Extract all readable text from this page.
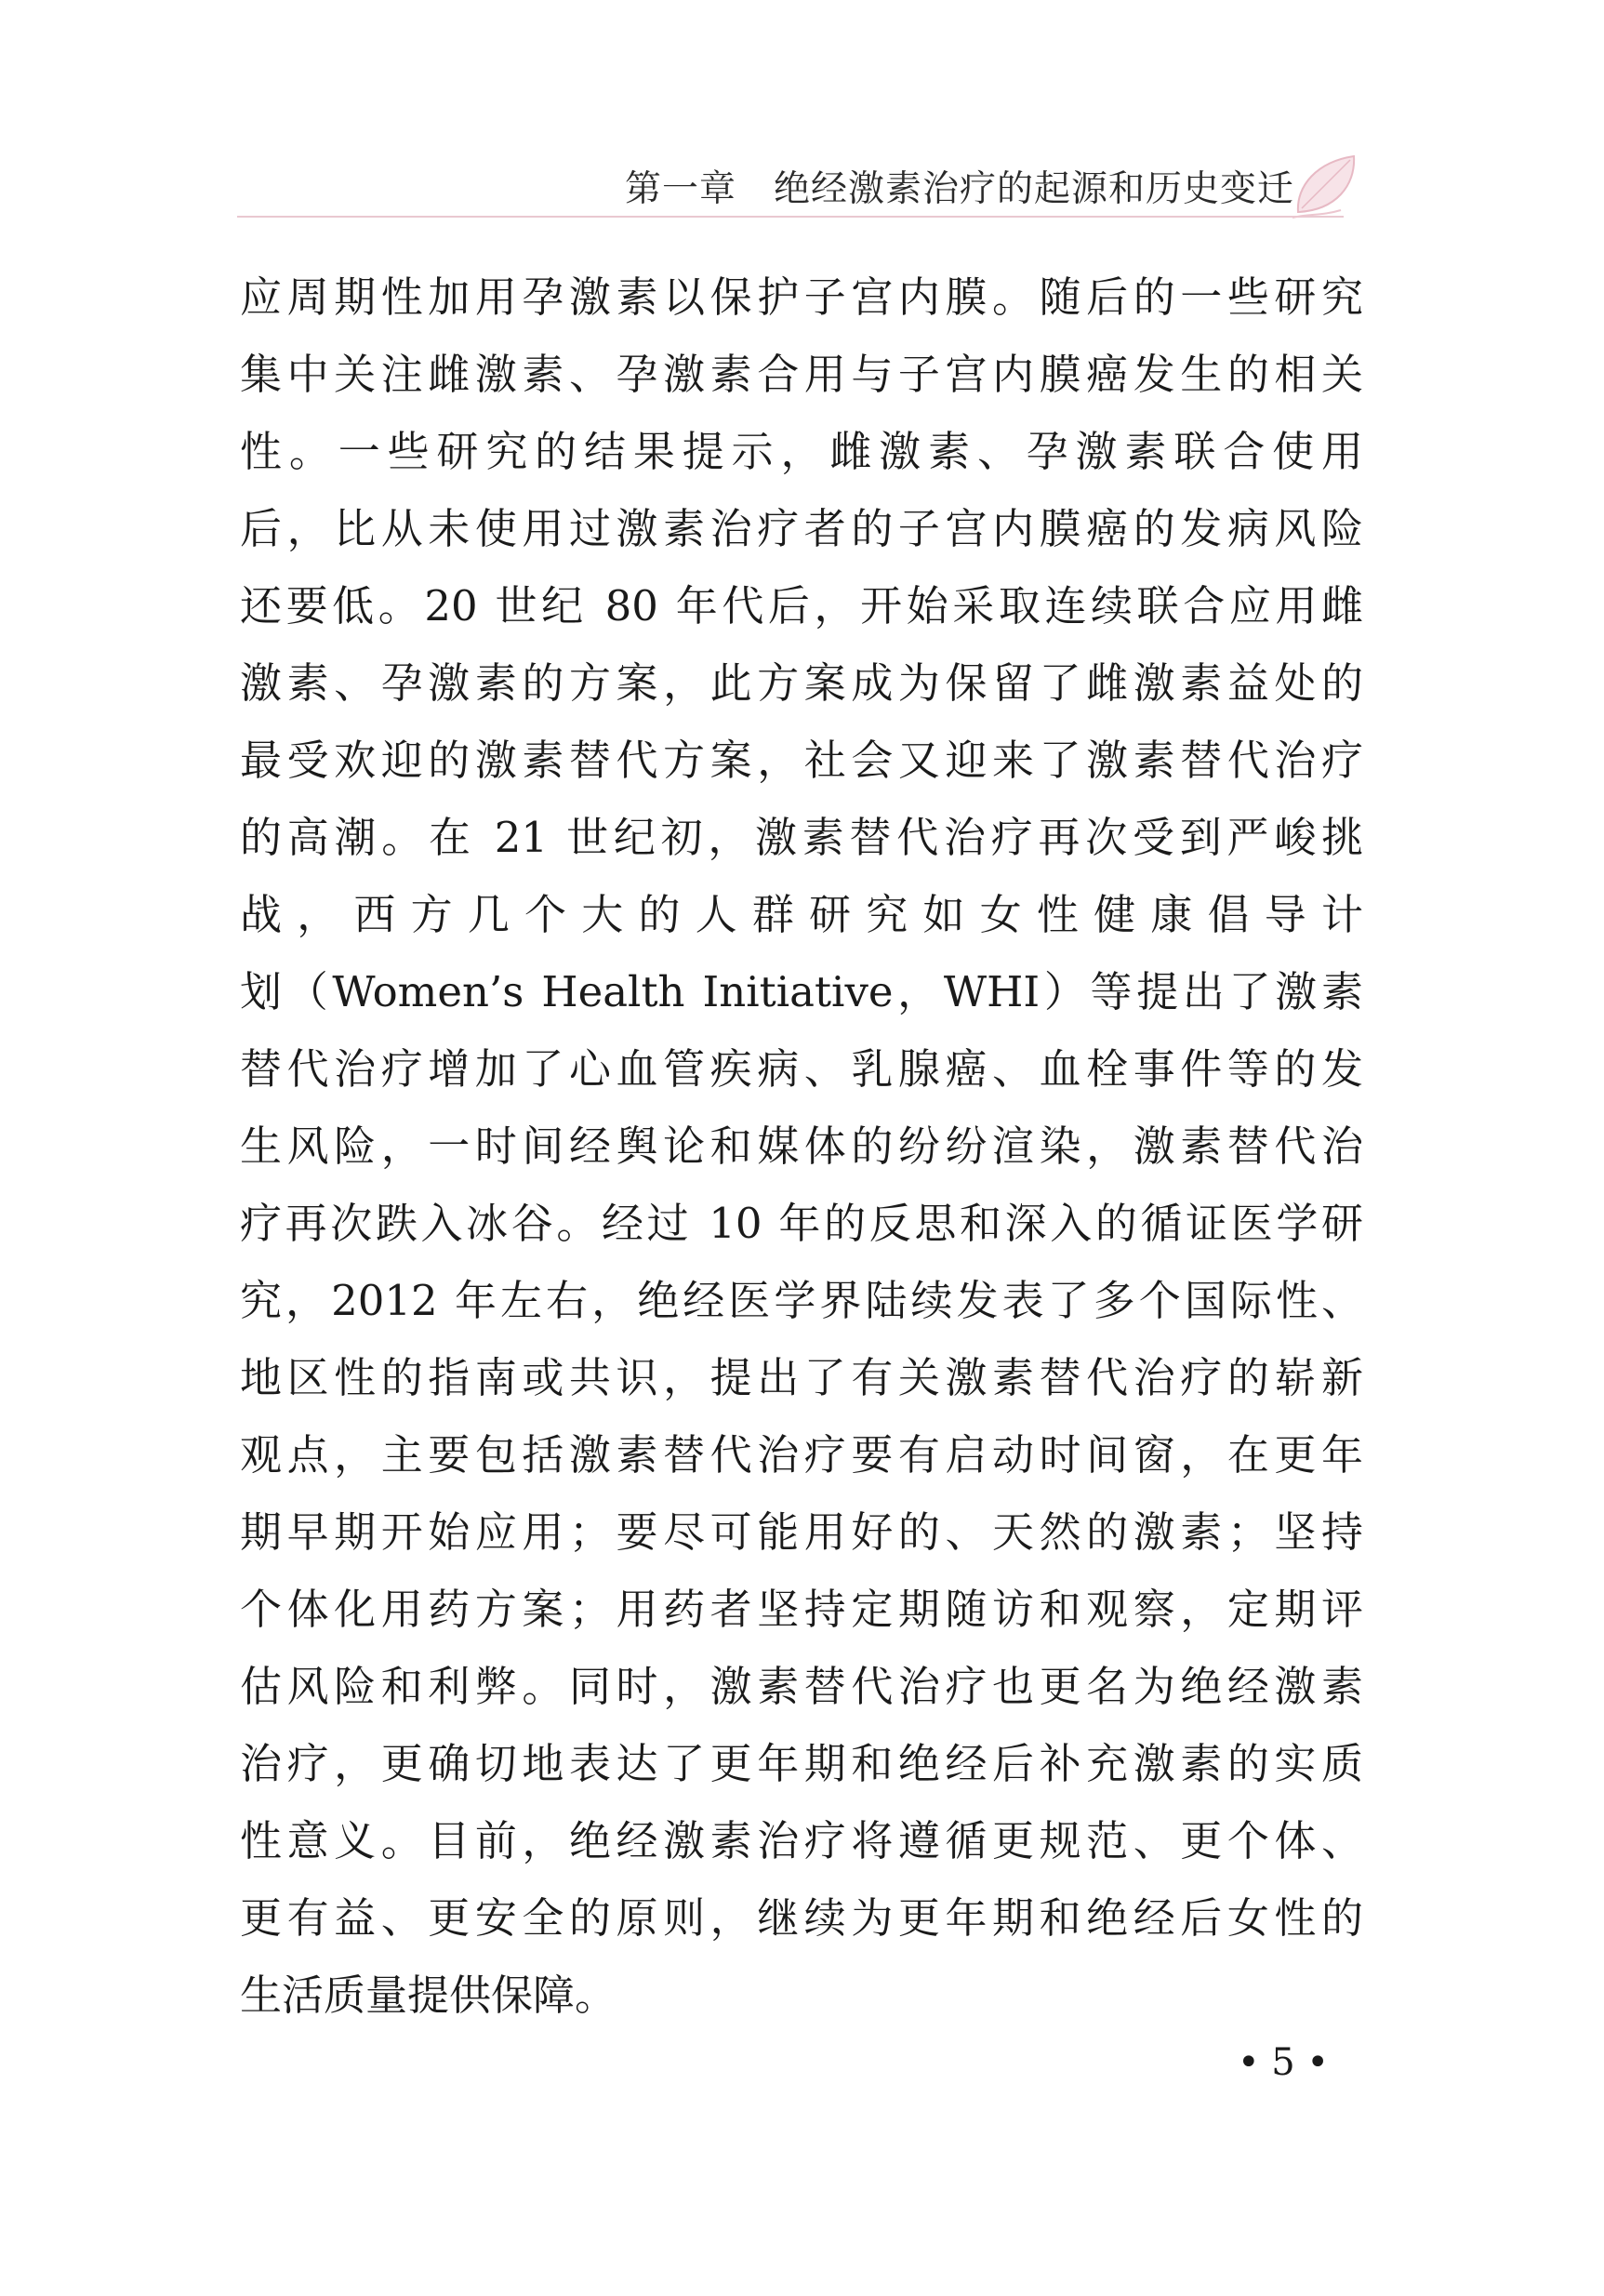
第一章　绝经激素治疗的起源和历史变迁
应周期性加用孕激素以保护子宫内膜。随后的一些研究
集中关注雌激素、孕激素合用与子宫内膜癌发生的相关
性。一些研究的结果提示，雌激素、孕激素联合使用
后，比从未使用过激素治疗者的子宫内膜癌的发病风险
还要低。20 世纪 80 年代后，开始采取连续联合应用雌
激素、孕激素的方案，此方案成为保留了雌激素益处的
最受欢迎的激素替代方案，社会又迎来了激素替代治疗
的高潮。在 21 世纪初，激素替代治疗再次受到严峻挑
战，西方几个大的人群研究如女性健康倡导计
划（Women’s Health Initiative，WHI）等提出了激素
替代治疗增加了心血管疾病、乳腺癌、血栓事件等的发
生风险，一时间经舆论和媒体的纷纷渲染，激素替代治
疗再次跌入冰谷。经过 10 年的反思和深入的循证医学研
究，2012 年左右，绝经医学界陆续发表了多个国际性、
地区性的指南或共识，提出了有关激素替代治疗的崭新
观点，主要包括激素替代治疗要有启动时间窗，在更年
期早期开始应用；要尽可能用好的、天然的激素；坚持
个体化用药方案；用药者坚持定期随访和观察，定期评
估风险和利弊。同时，激素替代治疗也更名为绝经激素
治疗，更确切地表达了更年期和绝经后补充激素的实质
性意义。目前，绝经激素治疗将遵循更规范、更个体、
更有益、更安全的原则，继续为更年期和绝经后女性的
生活质量提供保障。
• 5 •
